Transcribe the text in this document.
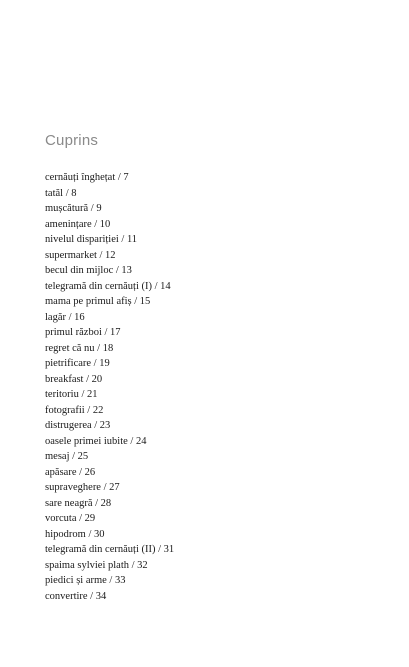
Cuprins
cernăuți înghețat / 7
tatăl / 8
mușcătură / 9
amenințare / 10
nivelul dispariției / 11
supermarket / 12
becul din mijloc / 13
telegramă din cernăuți (I) / 14
mama pe primul afiș / 15
lagăr / 16
primul război / 17
regret că nu / 18
pietrificare / 19
breakfast / 20
teritoriu / 21
fotografii / 22
distrugerea / 23
oasele primei iubite / 24
mesaj / 25
apăsare / 26
supraveghere / 27
sare neagră / 28
vorcuta / 29
hipodrom / 30
telegramă din cernăuți (II) / 31
spaima sylviei plath / 32
piedici și arme / 33
convertire / 34
